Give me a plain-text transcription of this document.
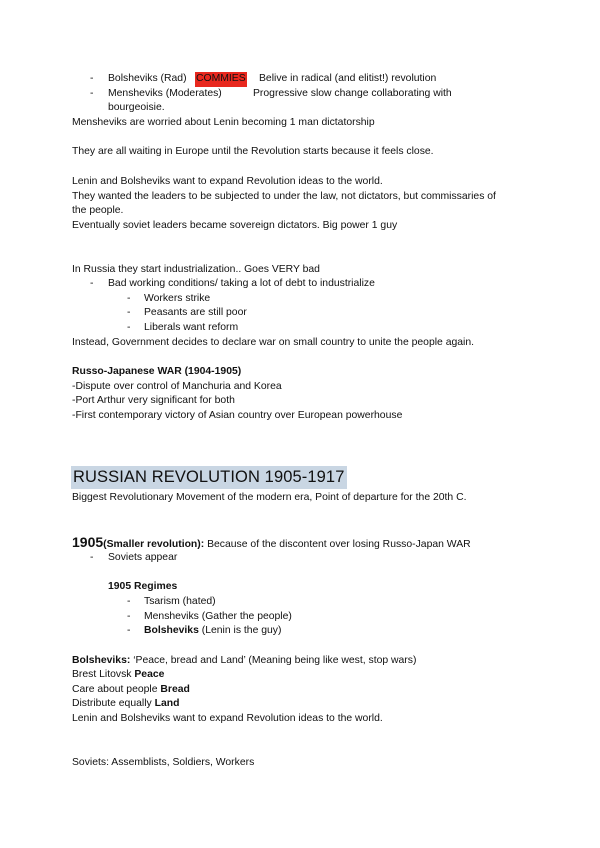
- Bolsheviks (Rad) COMMIES Belive in radical (and elitist!) revolution
- Mensheviks (Moderates)	Progressive slow change collaborating with
bourgeoisie.
Mensheviks are worried about Lenin becoming 1 man dictatorship
They are all waiting in Europe until the Revolution starts because it feels close.
Lenin and Bolsheviks want to expand Revolution ideas to the world.
They wanted the leaders to be subjected to under the law, not dictators, but commissaries of
the people.
Eventually soviet leaders became sovereign dictators. Big power 1 guy
In Russia they start industrialization.. Goes VERY bad
- Bad working conditions/ taking a lot of debt to industrialize
- Workers strike
- Peasants are still poor
- Liberals want reform
Instead, Government decides to declare war on small country to unite the people again.
Russo-Japanese WAR (1904-1905)
-Dispute over control of Manchuria and Korea
-Port Arthur very significant for both
-First contemporary victory of Asian country over European powerhouse
RUSSIAN REVOLUTION 1905-1917
Biggest Revolutionary Movement of the modern era, Point of departure for the 20th C.
1905(Smaller revolution): Because of the discontent over losing Russo-Japan WAR
- Soviets appear
1905 Regimes
- Tsarism (hated)
- Mensheviks (Gather the people)
- Bolsheviks (Lenin is the guy)
Bolsheviks: ‘Peace, bread and Land’ (Meaning being like west, stop wars)
Brest Litovsk Peace
Care about people Bread
Distribute equally Land
Lenin and Bolsheviks want to expand Revolution ideas to the world.
Soviets: Assemblists, Soldiers, Workers
